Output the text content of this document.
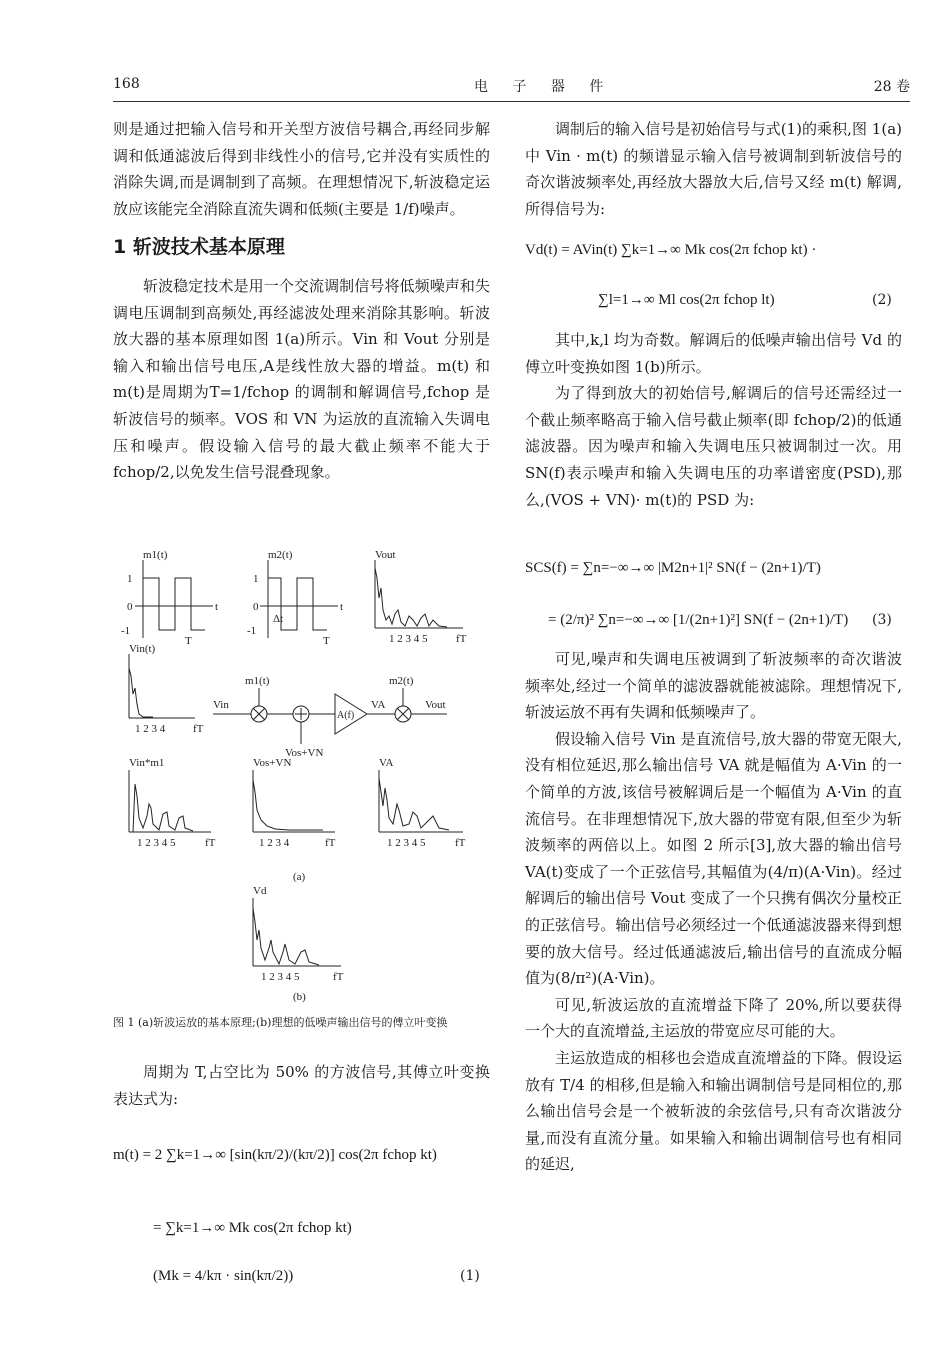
168	电 子 器 件	28 卷

则是通过把输入信号和开关型方波信号耦合,再经同步解调和低通滤波后得到非线性小的信号,它并没有实质性的消除失调,而是调制到了高频。在理想情况下,斩波稳定运放应该能完全消除直流失调和低频(主要是 1/f)噪声。

1 斩波技术基本原理

斩波稳定技术是用一个交流调制信号将低频噪声和失调电压调制到高频处,再经滤波处理来消除其影响。斩波放大器的基本原理如图 1(a)所示。Vin 和 Vout 分别是输入和输出信号电压,A是线性放大器的增益。m(t) 和 m(t)是周期为T=1/fchop 的调制和解调信号,fchop 是斩波信号的频率。VOS 和 VN 为运放的直流输入失调电压和噪声。假设输入信号的最大截止频率不能大于 fchop/2,以免发生信号混叠现象。

m1(t)
1
0
-1
t
T
m2(t)
1
0
-1
Δt
t
T
Vout
1 2 3 4 5	fT
Vin(t)
1 2 3 4	fT
Vin
m1(t)
Vos+VN
A(f)
VA
m2(t)
Vout
Vin*m1
1 2 3 4 5	fT
Vos+VN
1 2 3 4	fT
VA
1 2 3 4 5	fT
(a)
Vd
1 2 3 4 5	fT
(b)
图 1 (a)斩波运放的基本原理;(b)理想的低噪声输出信号的傅立叶变换

周期为 T,占空比为 50% 的方波信号,其傅立叶变换表达式为:

m(t) = 2 ∑k=1→∞ [sin(kπ/2)/(kπ/2)] cos(2π fchop kt)
= ∑k=1→∞ Mk cos(2π fchop kt)
(Mk = 4/kπ · sin(kπ/2))	(1)

调制后的输入信号是初始信号与式(1)的乘积,图 1(a) 中 Vin · m(t) 的频谱显示输入信号被调制到斩波信号的奇次谐波频率处,再经放大器放大后,信号又经 m(t) 解调,所得信号为:

Vd(t) = AVin(t) ∑k=1→∞ Mk cos(2π fchop kt) ·
∑l=1→∞ Ml cos(2π fchop lt)	(2)

其中,k,l 均为奇数。解调后的低噪声输出信号 Vd 的傅立叶变换如图 1(b)所示。

为了得到放大的初始信号,解调后的信号还需经过一个截止频率略高于输入信号截止频率(即 fchop/2)的低通滤波器。因为噪声和输入失调电压只被调制过一次。用 SN(f)表示噪声和输入失调电压的功率谱密度(PSD),那么,(VOS + VN)· m(t)的 PSD 为:

SCS(f) = ∑n=−∞→∞ |M2n+1|² SN(f − (2n+1)/T)
= (2/π)² ∑n=−∞→∞ [1/(2n+1)²] SN(f − (2n+1)/T) (3)

可见,噪声和失调电压被调到了斩波频率的奇次谐波频率处,经过一个简单的滤波器就能被滤除。理想情况下,斩波运放不再有失调和低频噪声了。

假设输入信号 Vin 是直流信号,放大器的带宽无限大,没有相位延迟,那么输出信号 VA 就是幅值为 A·Vin 的一个简单的方波,该信号被解调后是一个幅值为 A·Vin 的直流信号。在非理想情况下,放大器的带宽有限,但至少为斩波频率的两倍以上。如图 2 所示[3],放大器的输出信号 VA(t)变成了一个正弦信号,其幅值为(4/π)(A·Vin)。经过解调后的输出信号 Vout 变成了一个只携有偶次分量校正的正弦信号。输出信号必须经过一个低通滤波器来得到想要的放大信号。经过低通滤波后,输出信号的直流成分幅值为(8/π²)(A·Vin)。

可见,斩波运放的直流增益下降了 20%,所以要获得一个大的直流增益,主运放的带宽应尽可能的大。

主运放造成的相移也会造成直流增益的下降。假设运放有 T/4 的相移,但是输入和输出调制信号是同相位的,那么输出信号会是一个被斩波的余弦信号,只有奇次谐波分量,而没有直流分量。如果输入和输出调制信号也有相同的延迟,
